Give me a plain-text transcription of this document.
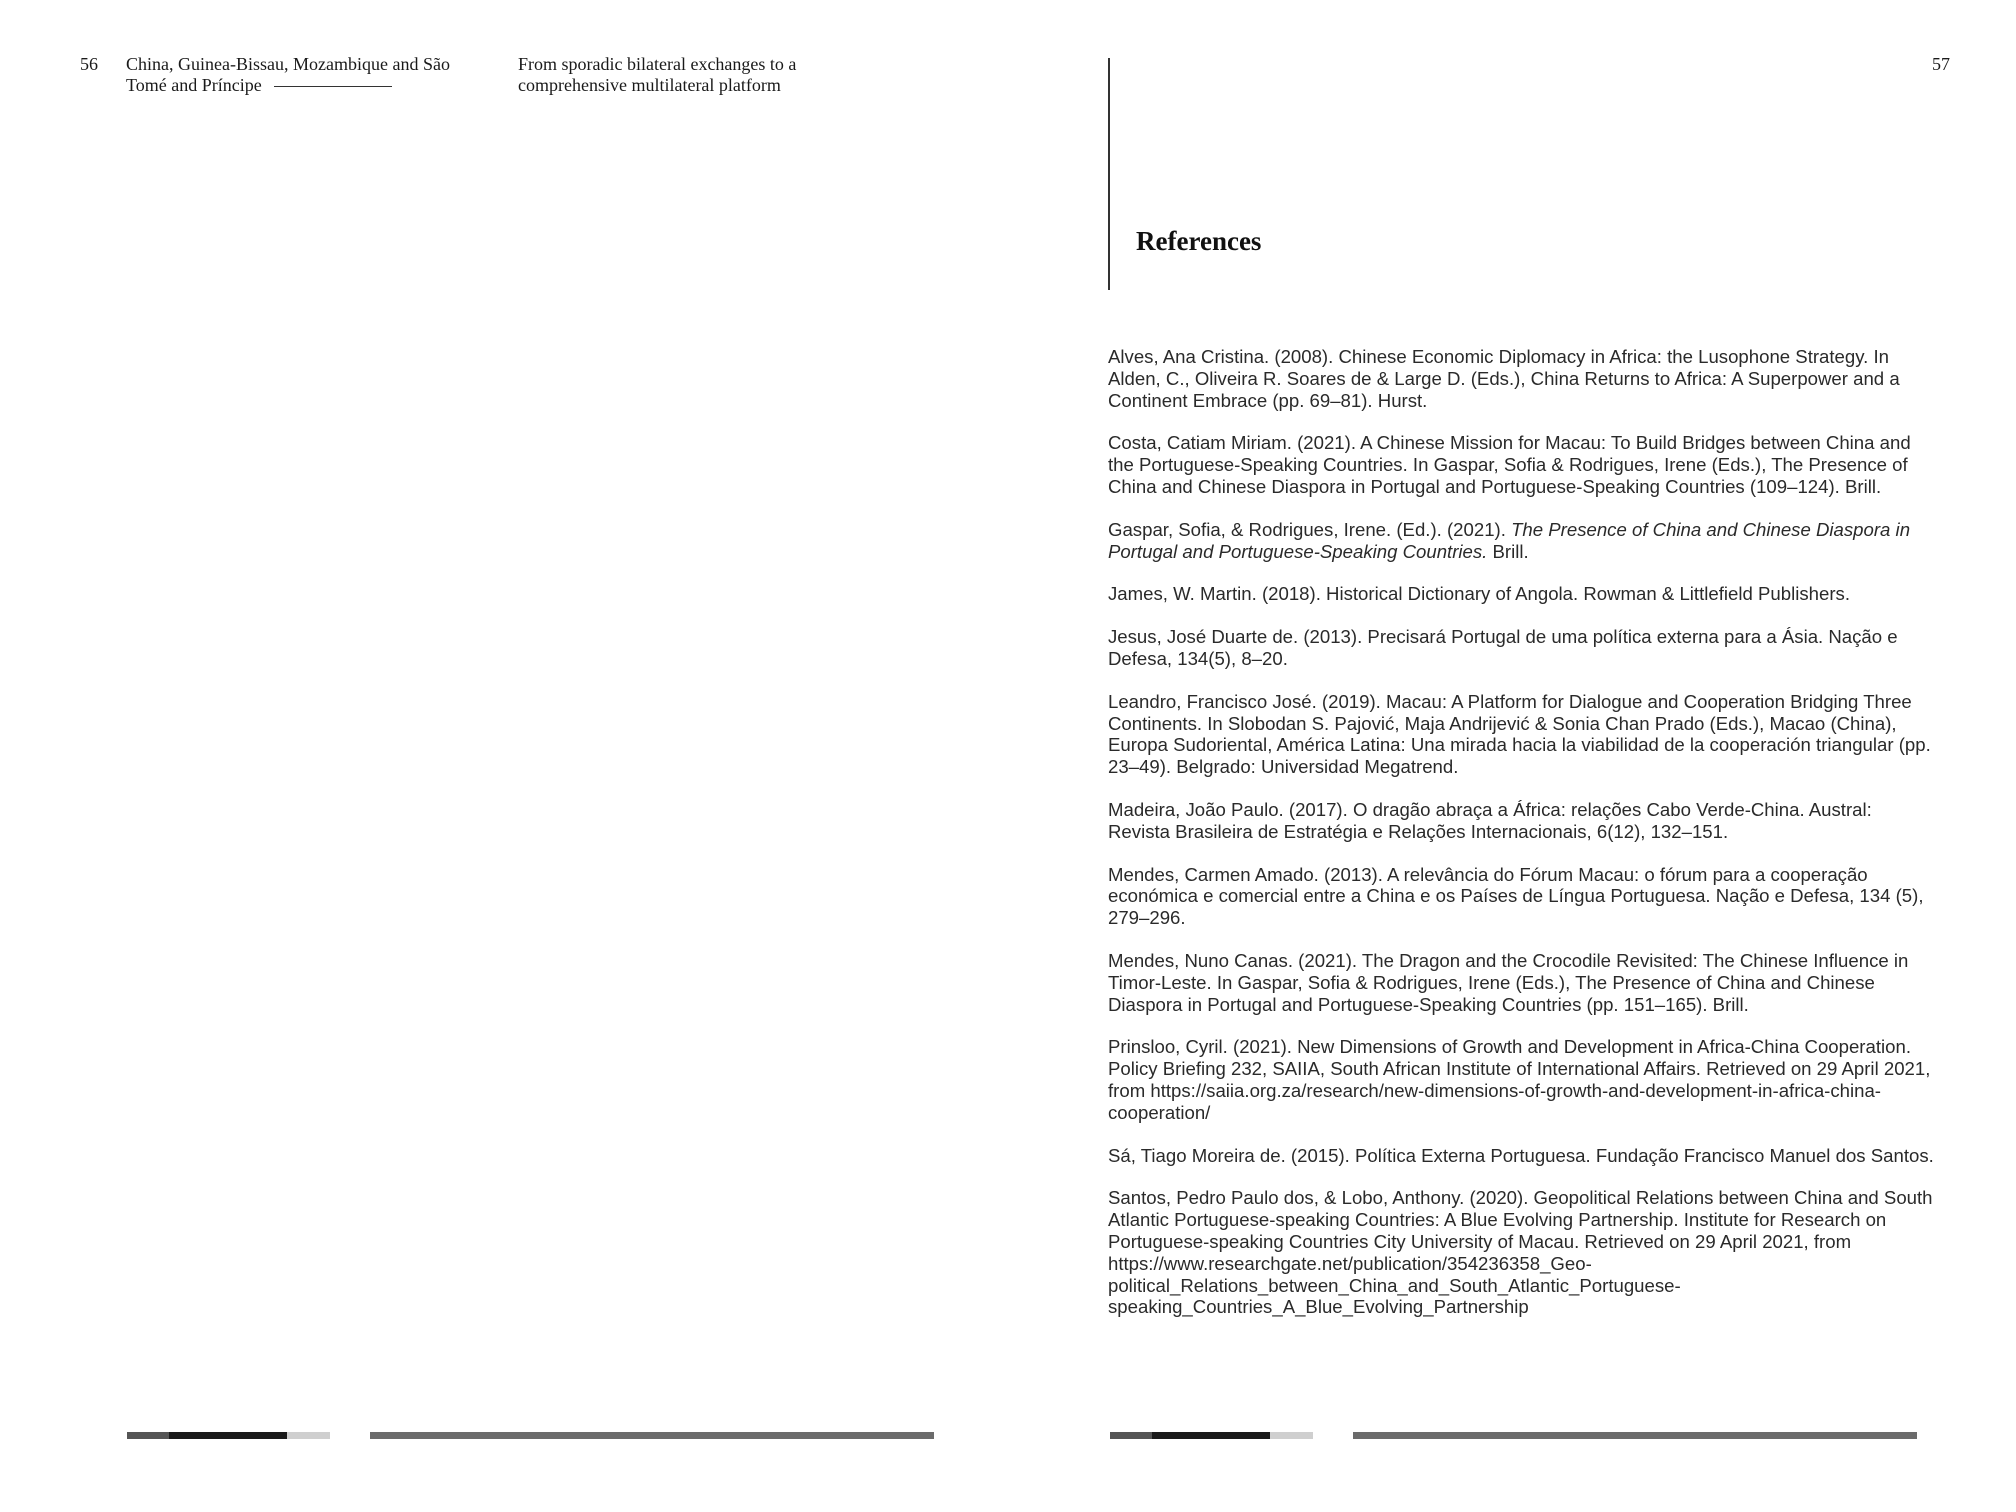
56 China, Guinea-Bissau, Mozambique and São Tomé and Príncipe
From sporadic bilateral exchanges to a comprehensive multilateral platform
57
References

Alves, Ana Cristina. (2008). Chinese Economic Diplomacy in Africa: the Lusophone Strategy. In Alden, C., Oliveira R. Soares de & Large D. (Eds.), China Returns to Africa: A Superpower and a Continent Embrace (pp. 69–81). Hurst.

Costa, Catiam Miriam. (2021). A Chinese Mission for Macau: To Build Bridges between China and the Portuguese-Speaking Countries. In Gaspar, Sofia & Rodrigues, Irene (Eds.), The Presence of China and Chinese Diaspora in Portugal and Portuguese-Speaking Countries (109–124). Brill.

Gaspar, Sofia, & Rodrigues, Irene. (Ed.). (2021). The Presence of China and Chinese Diaspora in Portugal and Portuguese-Speaking Countries. Brill.

James, W. Martin. (2018). Historical Dictionary of Angola. Rowman & Littlefield Publishers.

Jesus, José Duarte de. (2013). Precisará Portugal de uma política externa para a Ásia. Nação e Defesa, 134(5), 8–20.

Leandro, Francisco José. (2019). Macau: A Platform for Dialogue and Cooperation Bridging Three Continents. In Slobodan S. Pajović, Maja Andrijević & Sonia Chan Prado (Eds.), Macao (China), Europa Sudoriental, América Latina: Una mirada hacia la viabilidad de la cooperación triangular (pp. 23–49). Belgrado: Universidad Megatrend.

Madeira, João Paulo. (2017). O dragão abraça a África: relações Cabo Verde-China. Austral: Revista Brasileira de Estratégia e Relações Internacionais, 6(12), 132–151.

Mendes, Carmen Amado. (2013). A relevância do Fórum Macau: o fórum para a cooperação económica e comercial entre a China e os Países de Língua Portuguesa. Nação e Defesa, 134 (5), 279–296.

Mendes, Nuno Canas. (2021). The Dragon and the Crocodile Revisited: The Chinese Influence in Timor-Leste. In Gaspar, Sofia & Rodrigues, Irene (Eds.), The Presence of China and Chinese Diaspora in Portugal and Portuguese-Speaking Countries (pp. 151–165). Brill.

Prinsloo, Cyril. (2021). New Dimensions of Growth and Development in Africa-China Cooperation. Policy Briefing 232, SAIIA, South African Institute of International Affairs. Retrieved on 29 April 2021, from https://saiia.org.za/research/new-dimensions-of-growth-and-development-in-africa-china-cooperation/

Sá, Tiago Moreira de. (2015). Política Externa Portuguesa. Fundação Francisco Manuel dos Santos.

Santos, Pedro Paulo dos, & Lobo, Anthony. (2020). Geopolitical Relations between China and South Atlantic Portuguese-speaking Countries: A Blue Evolving Partnership. Institute for Research on Portuguese-speaking Countries City University of Macau. Retrieved on 29 April 2021, from https://www.researchgate.net/publication/354236358_Geo-political_Relations_between_China_and_South_Atlantic_Portuguese-speaking_Countries_A_Blue_Evolving_Partnership
